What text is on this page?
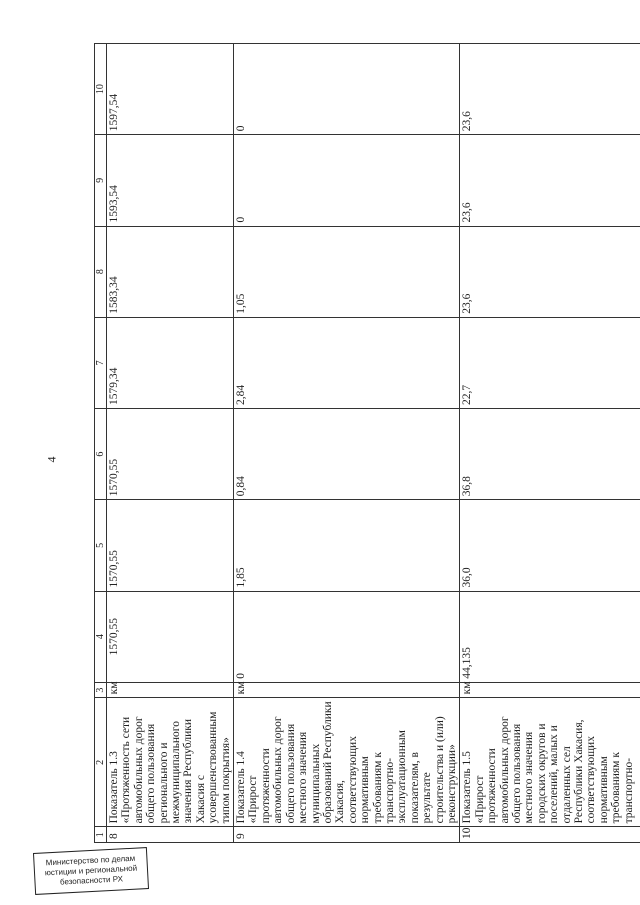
4
1	2	3	4	5	6	7	8	9	10
8	Показатель 1.3 «Протяженность сети автомобильных дорог общего пользования регионального и межмуниципального значения Республики Хакасия с усовершенствованным типом покрытия»	км	1570,55	1570,55	1570,55	1579,34	1583,34	1593,54	1597,54
9	Показатель 1.4 «Прирост протяженности автомобильных дорог общего пользования местного значения муниципальных образований Республики Хакасия, соответствующих нормативным требованиям к транспортно-эксплуатационным показателям, в результате строительства и (или) реконструкции»	км	0	1,85	0,84	2,84	1,05	0	0
10	Показатель 1.5 «Прирост протяженности автомобильных дорог общего пользования местного значения городских округов и поселений, малых и отдаленных сел Республики Хакасия, соответствующих нормативным требованиям к транспортно-	км	44,135	36,0	36,8	22,7	23,6	23,6	23,6
Министерство по делам
юстиции и региональной
безопасности РХ
